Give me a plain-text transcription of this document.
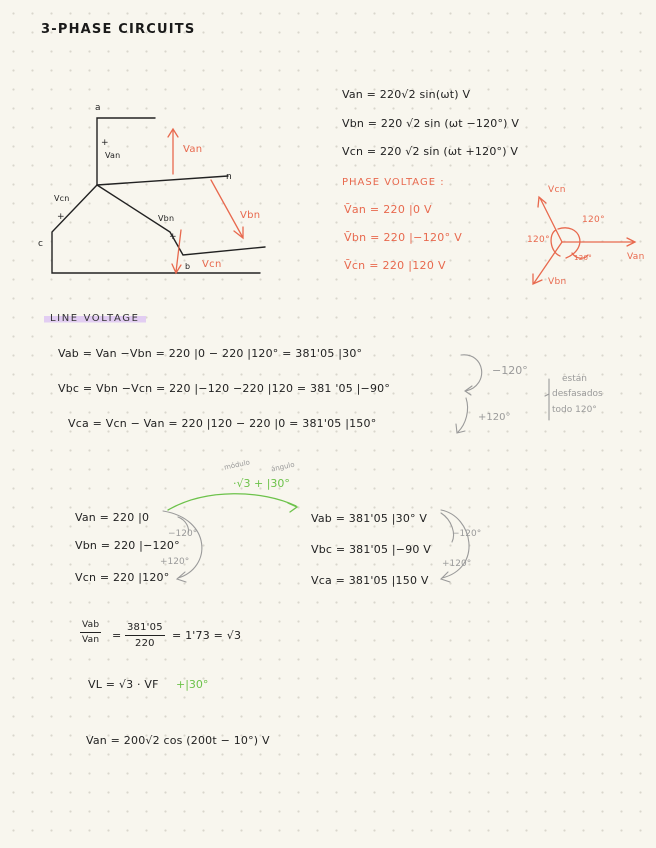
3-PHASE CIRCUITS
a
+
Van
n
Vcn
+
c
Vbn
+
b
Van
Vbn
Vcn
Van = 220√2 sin(ωt) V
Vbn = 220 √2 sin (ωt −120°) V
Vcn = 220 √2 sin (ωt +120°) V
PHASE VOLTAGE :
V̄an = 220 |0 V
V̄bn = 220 |−120° V
V̄cn = 220 |120 V
Vcn
120°
120°
120°	Van
Vbn
LINE VOLTAGE
Vab = Van −Vbn = 220 |0 − 220 |120° = 381'05 |30°
Vbc = Vbn −Vcn = 220 |−120 −220 |120 = 381 '05 |−90°
Vca = Vcn − Van = 220 |120 − 220 |0 = 381'05 |150°
−120°
+120°
están
desfasados
todo 120°
módulo	ángulo
·√3 + |30°
Van = 220 |0
Vbn = 220 |−120°
Vcn = 220 |120°
−120°
+120°
Vab = 381'05 |30° V
Vbc = 381'05 |−90 V
Vca = 381'05 |150 V
−120°
+120°
Vab
Van = $\frac{381'05}{220} = 1'73 = √3$
VL = √3 · VF +|30°
Van = 200√2 cos (200t − 10°) V
